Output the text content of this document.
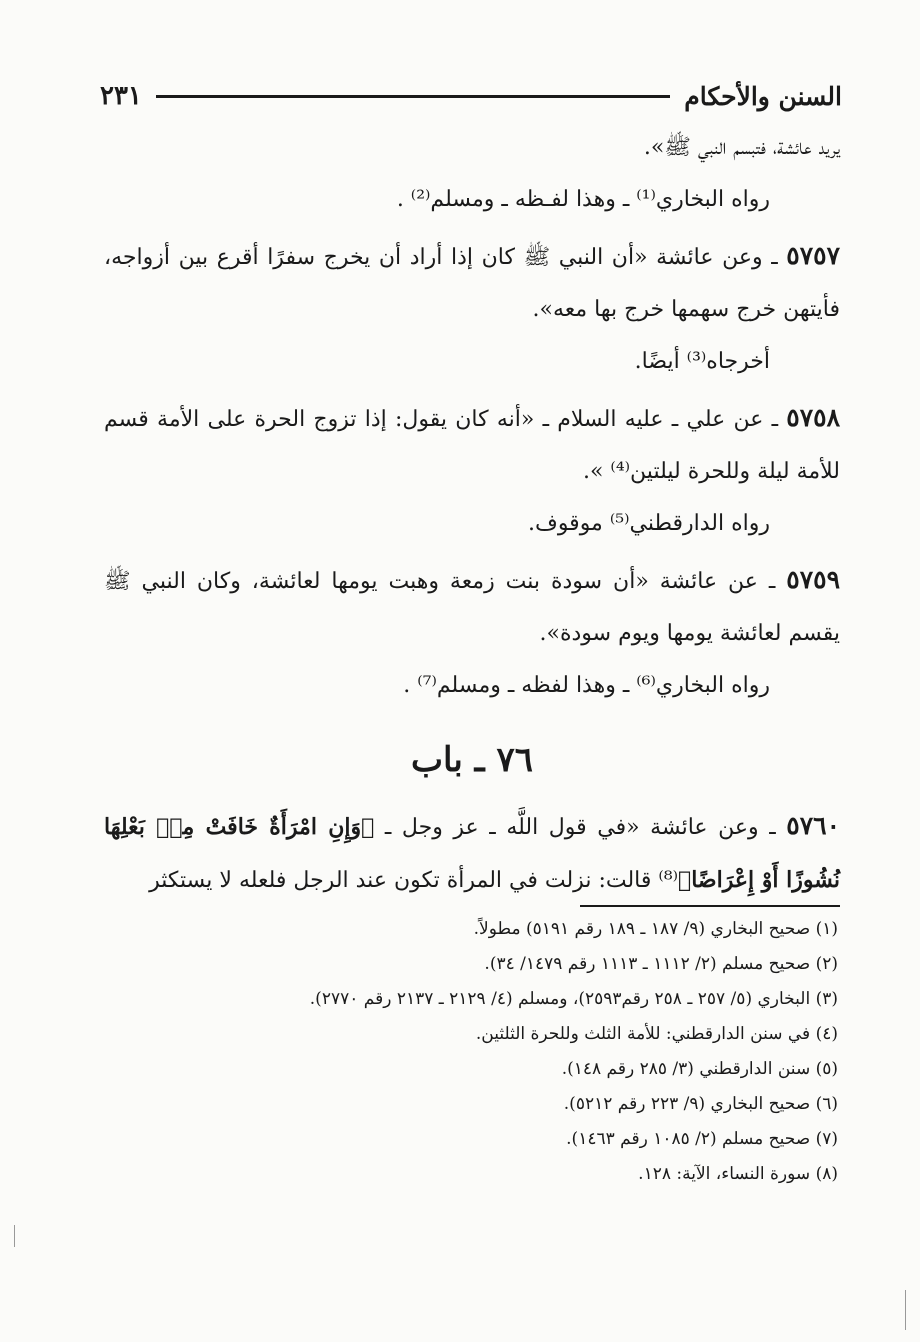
السنن والأحكام
٢٣١

يريد عائشة، فتبسم النبي ﷺ».

رواه البخاري⁽¹⁾ ـ وهذا لفـظه ـ ومسلم⁽²⁾ .

٥٧٥٧ ـ وعن عائشة «أن النبي ﷺ كان إذا أراد أن يخرج سفرًا أقرع بين أزواجه، فأيتهن خرج سهمها خرج بها معه».

أخرجاه⁽³⁾ أيضًا.

٥٧٥٨ ـ عن علي ـ عليه السلام ـ «أنه كان يقول: إذا تزوج الحرة على الأمة قسم للأمة ليلة وللحرة ليلتين⁽⁴⁾ ».

رواه الدارقطني⁽⁵⁾ موقوف.

٥٧٥٩ ـ عن عائشة «أن سودة بنت زمعة وهبت يومها لعائشة، وكان النبي ﷺ يقسم لعائشة يومها ويوم سودة».

رواه البخاري⁽⁶⁾ ـ وهذا لفظه ـ ومسلم⁽⁷⁾ .

٧٦ ـ باب

٥٧٦٠ ـ وعن عائشة «في قول اللَّه ـ عز وجل ـ ﴿وَإِنِ امْرَأَةٌ خَافَتْ مِنۢ بَعْلِهَا نُشُوزًا أَوْ إِعْرَاضًا﴾⁽⁸⁾ قالت: نزلت في المرأة تكون عند الرجل فلعله لا يستكثر

(١) صحيح البخاري (٩/ ١٨٧ ـ ١٨٩ رقم ٥١٩١) مطولاً.

(٢) صحيح مسلم (٢/ ١١١٢ ـ ١١١٣ رقم ١٤٧٩/ ٣٤).

(٣) البخاري (٥/ ٢٥٧ ـ ٢٥٨ رقم٢٥٩٣)، ومسلم (٤/ ٢١٢٩ ـ ٢١٣٧ رقم ٢٧٧٠).

(٤) في سنن الدارقطني: للأمة الثلث وللحرة الثلثين.

(٥) سنن الدارقطني (٣/ ٢٨٥ رقم ١٤٨).

(٦) صحيح البخاري (٩/ ٢٢٣ رقم ٥٢١٢).

(٧) صحيح مسلم (٢/ ١٠٨٥ رقم ١٤٦٣).

(٨) سورة النساء، الآية: ١٢٨.
